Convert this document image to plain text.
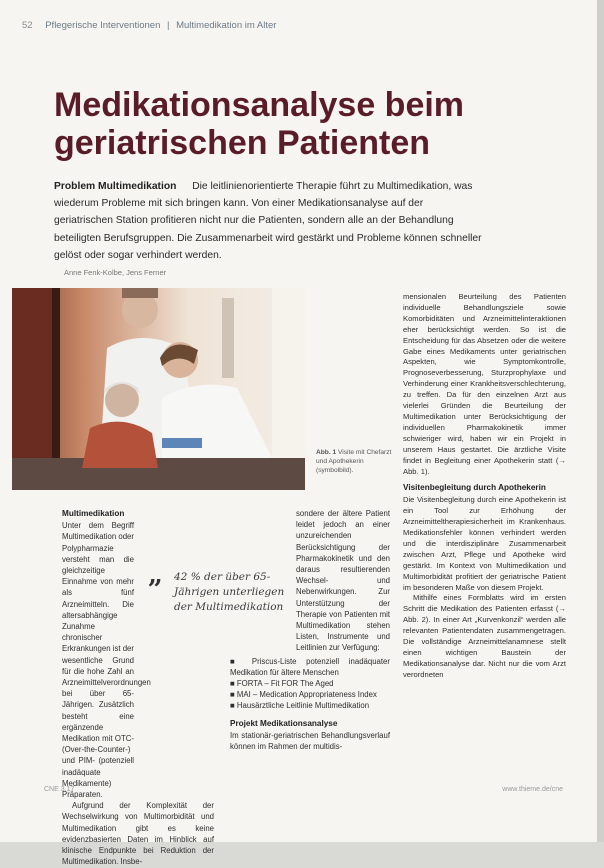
52 Pflegerische Interventionen | Multimedikation im Alter
Medikationsanalyse beim geriatrischen Patienten
Problem Multimedikation Die leitlinienorientierte Therapie führt zu Multimedikation, was wiederum Probleme mit sich bringen kann. Von einer Medikationsanalyse auf der geriatrischen Station profitieren nicht nur die Patienten, sondern alle an der Behandlung beteiligten Berufsgruppen. Die Zusammenarbeit wird gestärkt und Probleme können schneller gelöst oder sogar verhindert werden.
Anne Fenk-Kolbe, Jens Ferner
Abb. 1 Visite mit Chefarzt und Apothekerin (symbolbild).
Multimedikation

Unter dem Begriff Multimedikation oder Polypharmazie versteht man die gleichzeitige Einnahme von mehr als fünf Arzneimitteln. Die altersabhängige Zunahme chronischer Erkrankungen ist der wesentliche Grund für die hohe Zahl an Arzneimittelverordnungen bei über 65-Jährigen. Zusätzlich besteht eine ergänzende Medikation mit OTC- (Over-the-Counter-) und PIM- (potenziell inadäquate Medikamente) Präparaten.

Aufgrund der Komplexität der Wechselwirkung von Multimorbidität und Multimedikation gibt es keine evidenzbasierten Daten im Hinblick auf klinische Endpunkte bei Reduktion der Multimedikation. Insbe-

„	42 % der über 65-Jährigen unterliegen der Multimedikation

sondere der ältere Patient leidet jedoch an einer unzureichenden Berücksichtigung der Pharmakokinetik und den daraus resultierenden Wechsel- und Nebenwirkungen. Zur Unterstützung der Therapie von Patienten mit Multimedikation stehen Listen, Instrumente und Leitlinien zur Verfügung:

■ Priscus-Liste potenziell inadäquater Medikation für ältere Menschen
■ FORTA – Fit FOR The Aged
■ MAI – Medication Appropriateness Index
■ Hausärztliche Leitlinie Multimedikation
Projekt Medikationsanalyse

Im stationär-geriatrischen Behandlungsverlauf können im Rahmen der multidis-

mensionalen Beurteilung des Patienten individuelle Behandlungsziele sowie Komorbiditäten und Arzneimittelinteraktionen eher berücksichtigt werden. So ist die Entscheidung für das Absetzen oder die weitere Gabe eines Medikaments unter geriatrischen Aspekten, wie Symptomkontrolle, Prognoseverbesserung, Sturzprophylaxe und Verhinderung einer Krankheitsverschlechterung, zu treffen. Da für den einzelnen Arzt aus vielerlei Gründen die Beurteilung der Multimedikation unter Berücksichtigung der individuellen Pharmakokinetik immer schwieriger wird, haben wir ein Projekt in unserem Haus gestartet. Die ärztliche Visite findet in Begleitung einer Apothekerin statt (→ Abb. 1).

Visitenbegleitung durch Apothekerin

Die Visitenbegleitung durch eine Apothekerin ist ein Tool zur Erhöhung der Arzneimitteltherapiesicherheit im Krankenhaus. Medikationsfehler können verhindert werden und die interdisziplinäre Zusammenarbeit zwischen Arzt, Pflege und Apotheke wird gestärkt. Im Kontext von Multimedikation und Multimorbidität profitiert der geriatrische Patient im besonderen Maße von diesem Projekt.

Mithilfe eines Formblatts wird im ersten Schritt die Medikation des Patienten erfasst (→ Abb. 2). In einer Art „Kurvenkonzil“ werden alle relevanten Patientendaten zusammengetragen. Die vollständige Arzneimittelanamnese stellt einen wichtigen Baustein der Medikationsanalyse dar. Nicht nur die vom Arzt verordneten

CNE 3.17	www.thieme.de/cne
